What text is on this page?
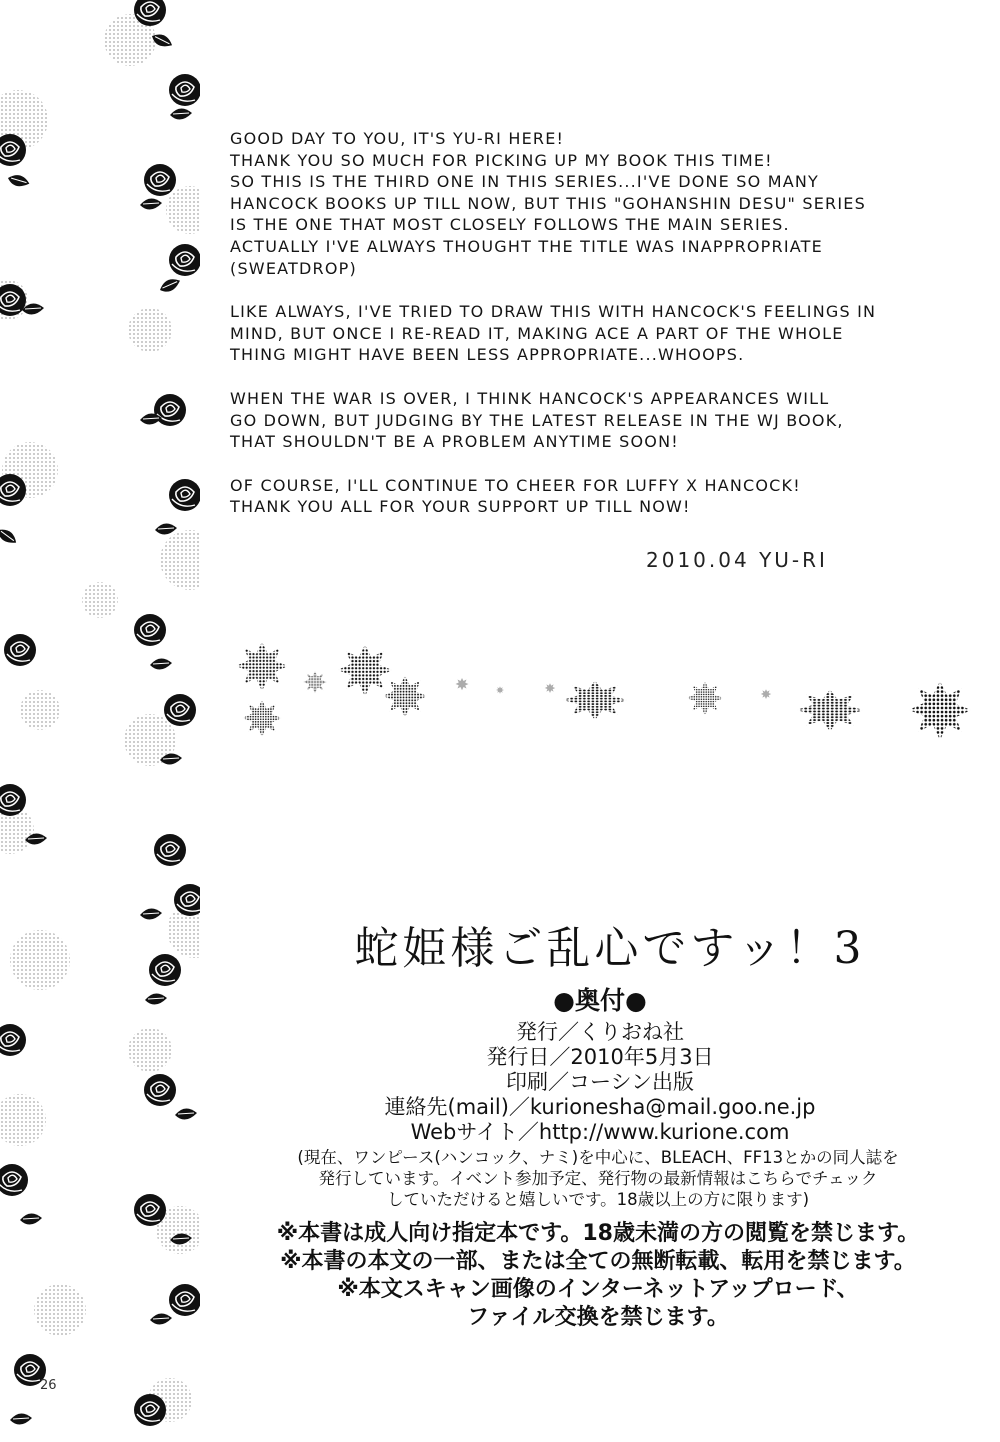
GOOD DAY TO YOU, IT'S YU-RI HERE!
THANK YOU SO MUCH FOR PICKING UP MY BOOK THIS TIME!
SO THIS IS THE THIRD ONE IN THIS SERIES...I'VE DONE SO MANY
HANCOCK BOOKS UP TILL NOW, BUT THIS "GOHANSHIN DESU" SERIES
IS THE ONE THAT MOST CLOSELY FOLLOWS THE MAIN SERIES.
ACTUALLY I'VE ALWAYS THOUGHT THE TITLE WAS INAPPROPRIATE
(SWEATDROP)

LIKE ALWAYS, I'VE TRIED TO DRAW THIS WITH HANCOCK'S FEELINGS IN
MIND, BUT ONCE I RE-READ IT, MAKING ACE A PART OF THE WHOLE
THING MIGHT HAVE BEEN LESS APPROPRIATE...WHOOPS.

WHEN THE WAR IS OVER, I THINK HANCOCK'S APPEARANCES WILL
GO DOWN, BUT JUDGING BY THE LATEST RELEASE IN THE WJ BOOK,
THAT SHOULDN'T BE A PROBLEM ANYTIME SOON!

OF COURSE, I'LL CONTINUE TO CHEER FOR LUFFY X HANCOCK!
THANK YOU ALL FOR YOUR SUPPORT UP TILL NOW!

2010.04 YU-RI
蛇姫様ご乱心ですッ！3
●奥付●
発行／くりおね社
発行日／2010年5月3日
印刷／コーシン出版
連絡先(mail)／kurionesha@mail.goo.ne.jp
Webサイト／http://www.kurione.com
(現在、ワンピース(ハンコック、ナミ)を中心に、BLEACH、FF13とかの同人誌を
発行しています。イベント参加予定、発行物の最新情報はこちらでチェック
していただけると嬉しいです。18歳以上の方に限ります)
※本書は成人向け指定本です。18歳未満の方の閲覧を禁じます。
※本書の本文の一部、または全ての無断転載、転用を禁じます。
※本文スキャン画像のインターネットアップロード、
ファイル交換を禁じます。
26
